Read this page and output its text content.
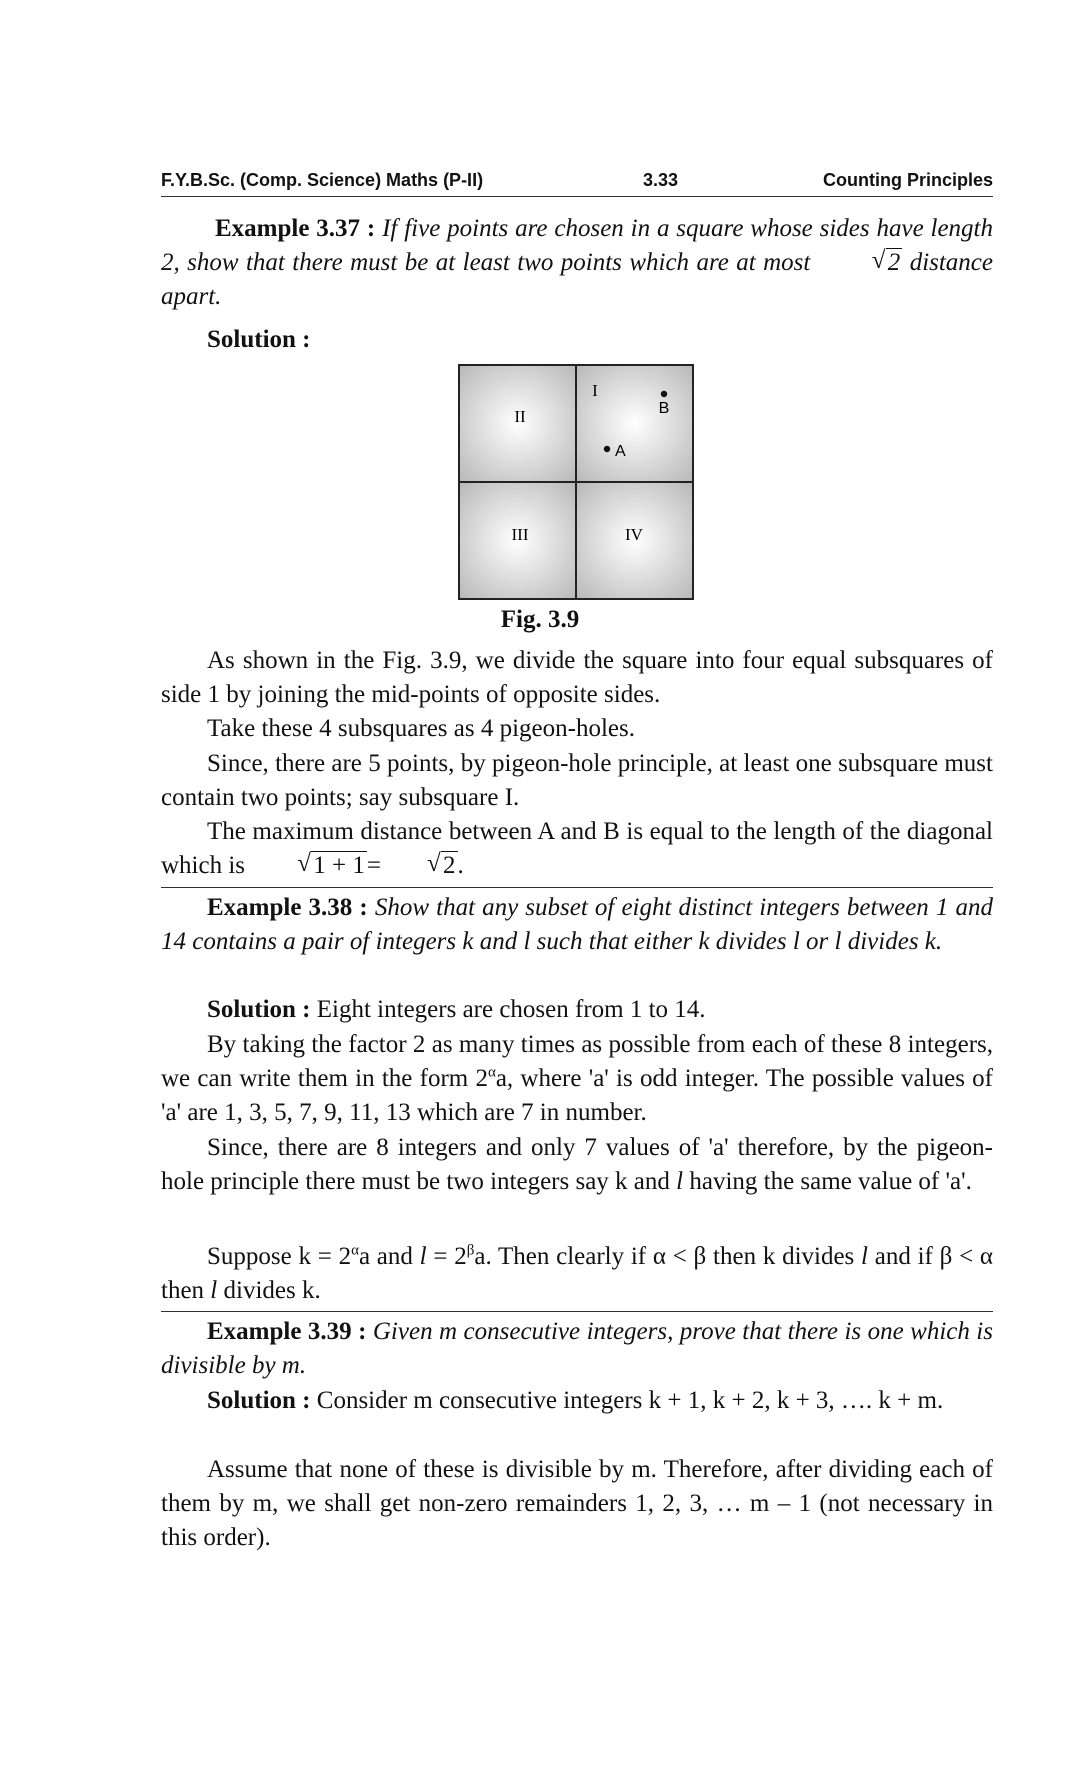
F.Y.B.Sc. (Comp. Science) Maths (P-II)	3.33	Counting Principles

Example 3.37 : If five points are chosen in a square whose sides have length 2, show that there must be at least two points which are at most	√ 2 distance apart.

Solution :

I
II
III	IV
A
B
Fig. 3.9

As shown in the Fig. 3.9, we divide the square into four equal subsquares of side 1 by joining the mid-points of opposite sides.

Take these 4 subsquares as 4 pigeon-holes.

Since, there are 5 points, by pigeon-hole principle, at least one subsquare must contain two points; say subsquare I.

The maximum distance between A and B is equal to the length of the diagonal which is	√ 1 + 1=	√ 2.

Example 3.38 : Show that any subset of eight distinct integers between 1 and 14 contains a pair of integers k and l such that either k divides l or l divides k.

Solution : Eight integers are chosen from 1 to 14.

By taking the factor 2 as many times as possible from each of these 8 integers, we can write them in the form $2^\alpha a$, where 'a' is odd integer. The possible values of 'a' are 1, 3, 5, 7, 9, 11, 13 which are 7 in number.

Since, there are 8 integers and only 7 values of 'a' therefore, by the pigeon-hole principle there must be two integers say k and l having the same value of 'a'.

Suppose $k = 2^\alpha a$ and $l = 2^\beta a$. Then clearly if α < β then k divides l and if β < α then l divides k.

Example 3.39 : Given m consecutive integers, prove that there is one which is divisible by m.

Solution : Consider m consecutive integers k + 1, k + 2, k + 3, …. k + m.

Assume that none of these is divisible by m. Therefore, after dividing each of them by m, we shall get non-zero remainders 1, 2, 3, … m – 1 (not necessary in this order).
